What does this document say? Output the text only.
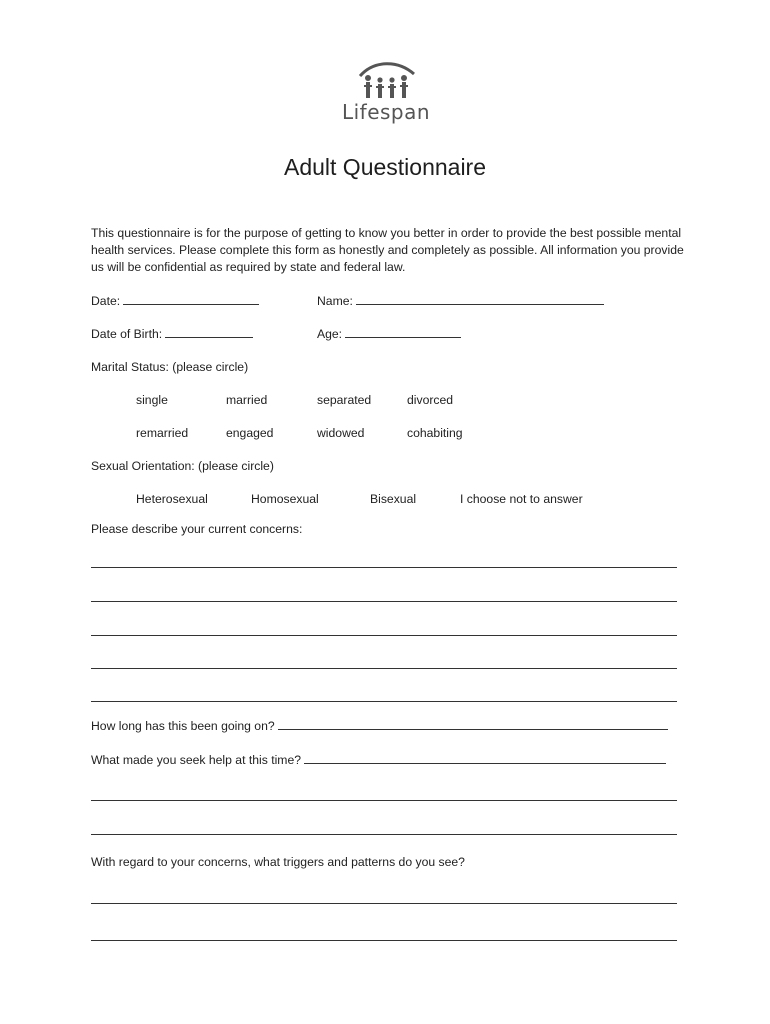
Lifespan
Adult Questionnaire
This questionnaire is for the purpose of getting to know you better in order to provide the best possible mental health services. Please complete this form as honestly and completely as possible. All information you provide us will be confidential as required by state and federal law.
Date:	Name:
Date of Birth:	Age:
Marital Status: (please circle)
single	married	separated	divorced
remarried	engaged	widowed	cohabiting
Sexual Orientation: (please circle)
Heterosexual	Homosexual	Bisexual	I choose not to answer
Please describe your current concerns:
How long has this been going on?
What made you seek help at this time?
With regard to your concerns, what triggers and patterns do you see?
